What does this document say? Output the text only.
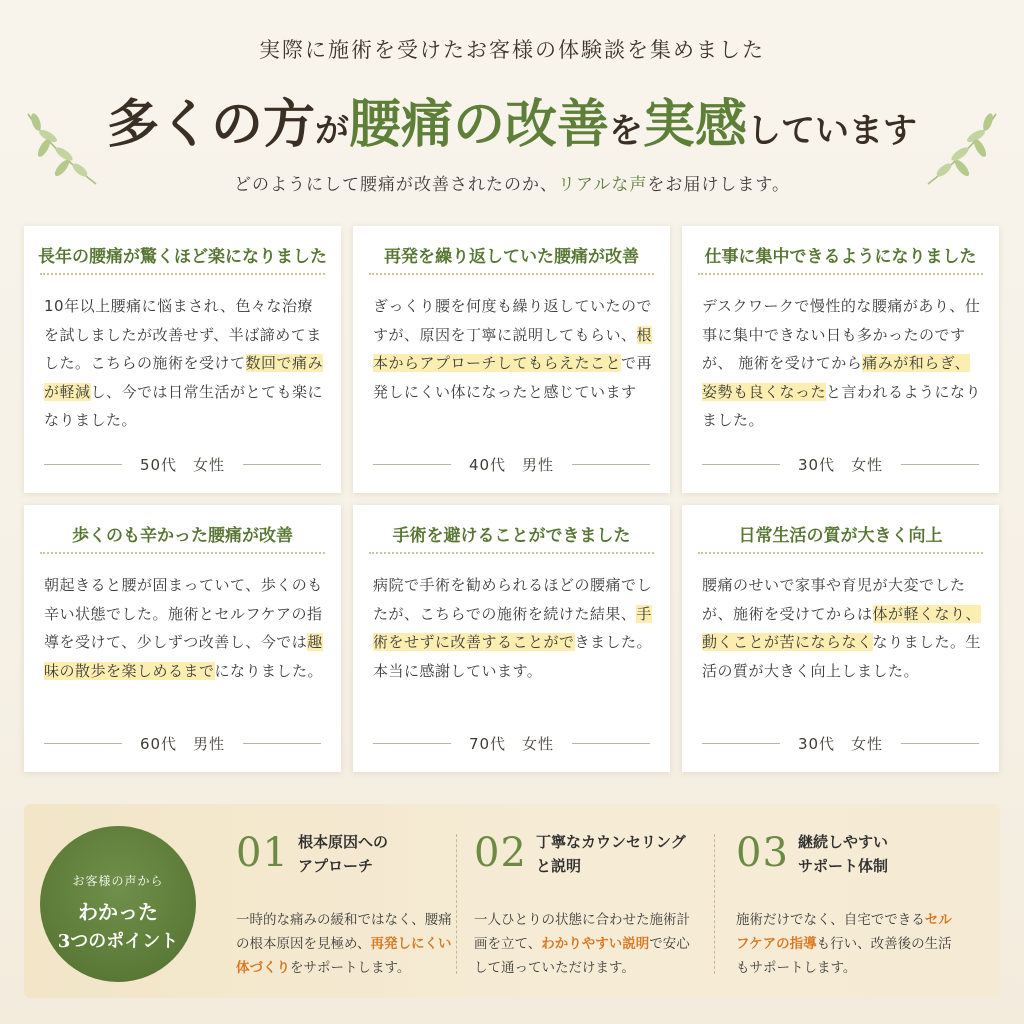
実際に施術を受けたお客様の体験談を集めました
多くの方が腰痛の改善を実感しています
どのようにして腰痛が改善されたのか、リアルな声をお届けします。
長年の腰痛が驚くほど楽になりました
10年以上腰痛に悩まされ、色々な治療を試しましたが改善せず、半ば諦めてました。こちらの施術を受けて数回で痛みが軽減し、今では日常生活がとても楽になりました。
50代　女性
再発を繰り返していた腰痛が改善
ぎっくり腰を何度も繰り返していたのですが、原因を丁寧に説明してもらい、根本からアプローチしてもらえたことで再発しにくい体になったと感じています
40代　男性
仕事に集中できるようになりました
デスクワークで慢性的な腰痛があり、仕事に集中できない日も多かったのですが、 施術を受けてから痛みが和らぎ、姿勢も良くなったと言われるようになりました。
30代　女性
歩くのも辛かった腰痛が改善
朝起きると腰が固まっていて、歩くのも辛い状態でした。施術とセルフケアの指導を受けて、少しずつ改善し、今では趣味の散歩を楽しめるまでになりました。
60代　男性
手術を避けることができました
病院で手術を勧められるほどの腰痛でしたが、こちらでの施術を続けた結果、手術をせずに改善することができました。本当に感謝しています。
70代　女性
日常生活の質が大きく向上
腰痛のせいで家事や育児が大変でしたが、施術を受けてからは体が軽くなり、動くことが苦にならなくなりました。生活の質が大きく向上しました。
30代　女性
お客様の声から
わかった
3つのポイント
01 根本原因への
アプローチ
一時的な痛みの緩和ではなく、腰痛の根本原因を見極め、再発しにくい体づくりをサポートします。
02 丁寧なカウンセリング
と説明
一人ひとりの状態に合わせた施術計画を立て、わかりやすい説明で安心して通っていただけます。
03 継続しやすい
サポート体制
施術だけでなく、自宅でできるセルフケアの指導も行い、改善後の生活もサポートします。
